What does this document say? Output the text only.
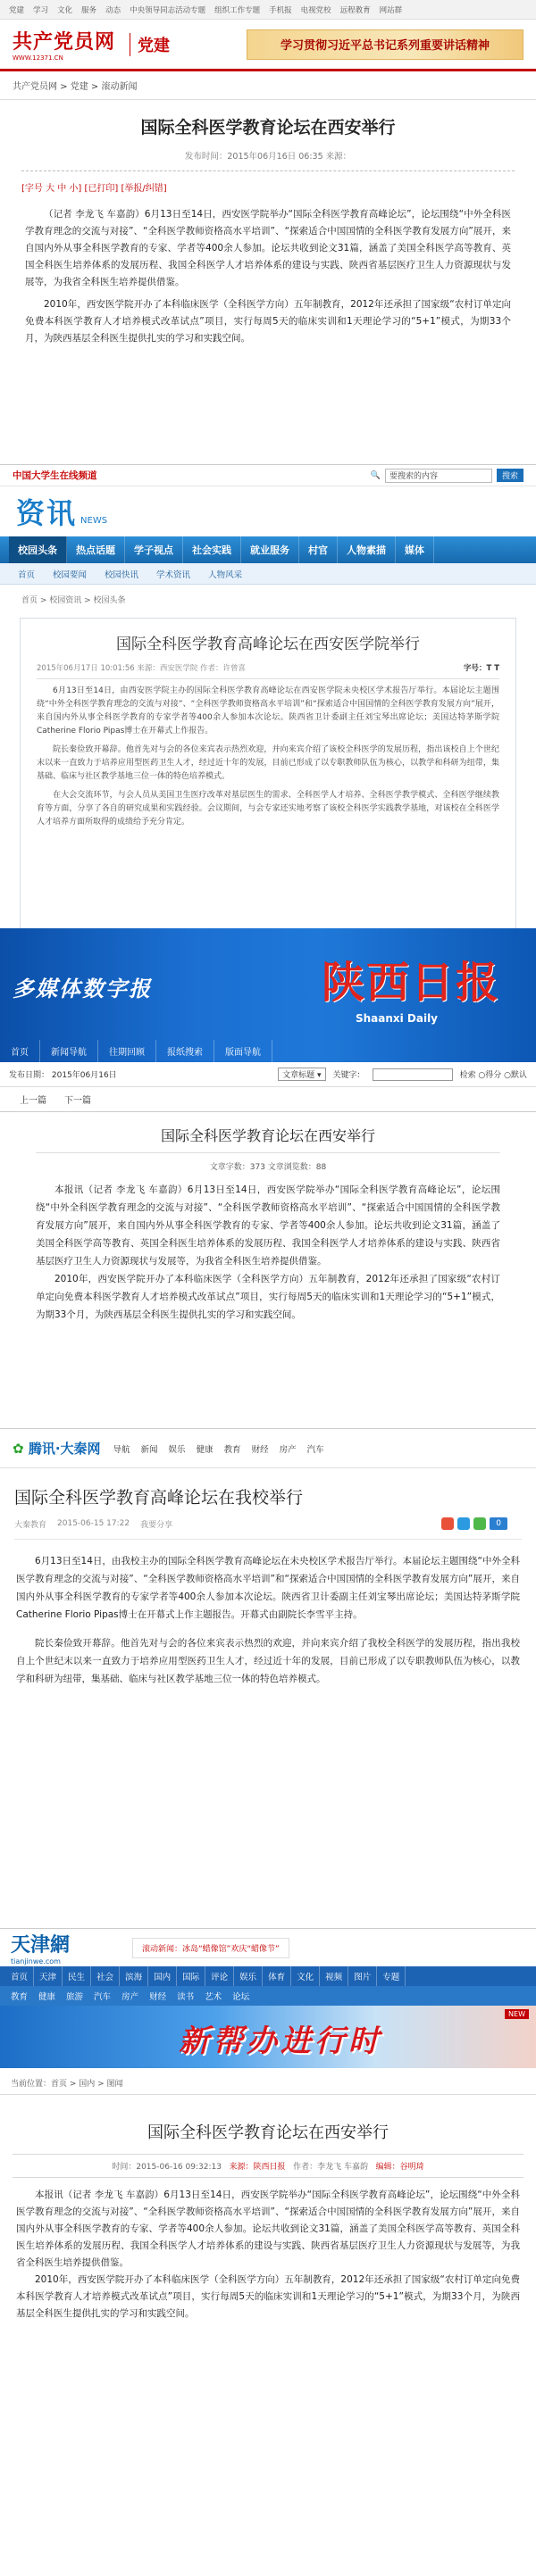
党建 学习 文化 服务 动态 中央领导同志活动专题 组织工作专题 手机报 电视党校 远程教育 网站群
共产党员网
WWW.12371.CN
党建	学习贯彻习近平总书记系列重要讲话精神
共产党员网 > 党建 > 滚动新闻
国际全科医学教育论坛在西安举行
发布时间：2015年06月16日 06:35 来源：
[字号 大 中 小] [已打印] [举报/纠错]

（记者 李龙飞 车嘉韵）6月13日至14日，西安医学院举办“国际全科医学教育高峰论坛”，论坛围绕“中外全科医学教育理念的交流与对接”、“全科医学教师资格高水平培训”、“探索适合中国国情的全科医学教育发展方向”展开，来自国内外从事全科医学教育的专家、学者等400余人参加。论坛共收到论文31篇，涵盖了美国全科医学高等教育、英国全科医生培养体系的发展历程、我国全科医学人才培养体系的建设与实践、陕西省基层医疗卫生人力资源现状与发展等，为我省全科医生培养提供借鉴。

2010年，西安医学院开办了本科临床医学（全科医学方向）五年制教育，2012年还承担了国家级“农村订单定向免费本科医学教育人才培养模式改革试点”项目，实行每周5天的临床实训和1天理论学习的“5+1”模式，为期33个月，为陕西基层全科医生提供扎实的学习和实践空间。

中国大学生在线频道	🔍	要搜索的内容	搜索
资讯 NEWS
校园头条	热点话题	学子视点	社会实践	就业服务	村官	人物素描	媒体
首页	校园要闻	校园快讯	学术资讯	人物风采
首页 > 校园资讯 > 校园头条
国际全科医学教育高峰论坛在西安医学院举行
2015年06月17日 10:01:56 来源：西安医学院 作者：许曾喜	字号：T T

6月13日至14日，由西安医学院主办的国际全科医学教育高峰论坛在西安医学院未央校区学术报告厅举行。本届论坛主题围绕“中外全科医学教育理念的交流与对接”、“全科医学教师资格高水平培训”和“探索适合中国国情的全科医学教育发展方向”展开，来自国内外从事全科医学教育的专家学者等400余人参加本次论坛。陕西省卫计委副主任刘宝琴出席论坛；美国达特茅斯学院Catherine Florio Pipas博士在开幕式上作报告。

院长秦俭致开幕辞。他首先对与会的各位来宾表示热烈欢迎，并向来宾介绍了该校全科医学的发展历程，指出该校自上个世纪末以来一直致力于培养应用型医药卫生人才，经过近十年的发展，目前已形成了以专职教师队伍为核心，以教学和科研为纽带，集基础、临床与社区教学基地三位一体的特色培养模式。

在大会交流环节，与会人员从美国卫生医疗改革对基层医生的需求、全科医学人才培养、全科医学教学模式、全科医学继续教育等方面，分享了各自的研究成果和实践经验。会议期间，与会专家还实地考察了该校全科医学实践教学基地，对该校在全科医学人才培养方面所取得的成绩给予充分肯定。

多媒体数字报	陕西日报
Shaanxi Daily
首页	新闻导航	往期回顾	报纸搜索	版面导航
发布日期： 2015年06月16日	文章标题 ▾	关键字：	检索 ○得分 ○默认
上一篇 下一篇
国际全科医学教育论坛在西安举行
文章字数：373 文章浏览数：88

本报讯（记者 李龙飞 车嘉韵）6月13日至14日，西安医学院举办“国际全科医学教育高峰论坛”，论坛围绕“中外全科医学教育理念的交流与对接”、“全科医学教师资格高水平培训”、“探索适合中国国情的全科医学教育发展方向”展开，来自国内外从事全科医学教育的专家、学者等400余人参加。论坛共收到论文31篇，涵盖了美国全科医学高等教育、英国全科医生培养体系的发展历程、我国全科医学人才培养体系的建设与实践、陕西省基层医疗卫生人力资源现状与发展等，为我省全科医生培养提供借鉴。

2010年，西安医学院开办了本科临床医学（全科医学方向）五年制教育，2012年还承担了国家级“农村订单定向免费本科医学教育人才培养模式改革试点”项目，实行每周5天的临床实训和1天理论学习的“5+1”模式，为期33个月，为陕西基层全科医生提供扎实的学习和实践空间。

✿ 腾讯·大秦网 导航 新闻 娱乐 健康 教育 财经 房产 汽车
国际全科医学教育高峰论坛在我校举行
大秦教育 2015-06-15 17:22 我要分享	0

6月13日至14日，由我校主办的国际全科医学教育高峰论坛在未央校区学术报告厅举行。本届论坛主题围绕“中外全科医学教育理念的交流与对接”、“全科医学教师资格高水平培训”和“探索适合中国国情的全科医学教育发展方向”展开，来自国内外从事全科医学教育的专家学者等400余人参加本次论坛。陕西省卫计委副主任刘宝琴出席论坛；美国达特茅斯学院Catherine Florio Pipas博士在开幕式上作主题报告。开幕式由副院长李雪平主持。

院长秦俭致开幕辞。他首先对与会的各位来宾表示热烈的欢迎，并向来宾介绍了我校全科医学的发展历程，指出我校自上个世纪末以来一直致力于培养应用型医药卫生人才，经过近十年的发展，目前已形成了以专职教师队伍为核心，以教学和科研为纽带，集基础、临床与社区教学基地三位一体的特色培养模式。

天津網
tianjinwe.com
滚动新闻：冰岛“蜡像馆”欢庆“蜡像节”
首页	天津	民生	社会	滨海	国内	国际	评论	娱乐	体育	文化	视频	图片	专题
教育	健康	旅游	汽车	房产	财经	读书	艺术	论坛
新帮办进行时
NEW
当前位置：首页 > 国内 > 图闻
国际全科医学教育论坛在西安举行
时间：2015-06-16 09:32:13 来源：陕西日报 作者：李龙飞 车嘉韵 编辑：谷明琦

本报讯（记者 李龙飞 车嘉韵）6月13日至14日，西安医学院举办“国际全科医学教育高峰论坛”，论坛围绕“中外全科医学教育理念的交流与对接”、“全科医学教师资格高水平培训”、“探索适合中国国情的全科医学教育发展方向”展开，来自国内外从事全科医学教育的专家、学者等400余人参加。论坛共收到论文31篇，涵盖了美国全科医学高等教育、英国全科医生培养体系的发展历程、我国全科医学人才培养体系的建设与实践、陕西省基层医疗卫生人力资源现状与发展等，为我省全科医生培养提供借鉴。

2010年，西安医学院开办了本科临床医学（全科医学方向）五年制教育，2012年还承担了国家级“农村订单定向免费本科医学教育人才培养模式改革试点”项目，实行每周5天的临床实训和1天理论学习的“5+1”模式，为期33个月，为陕西基层全科医生提供扎实的学习和实践空间。
